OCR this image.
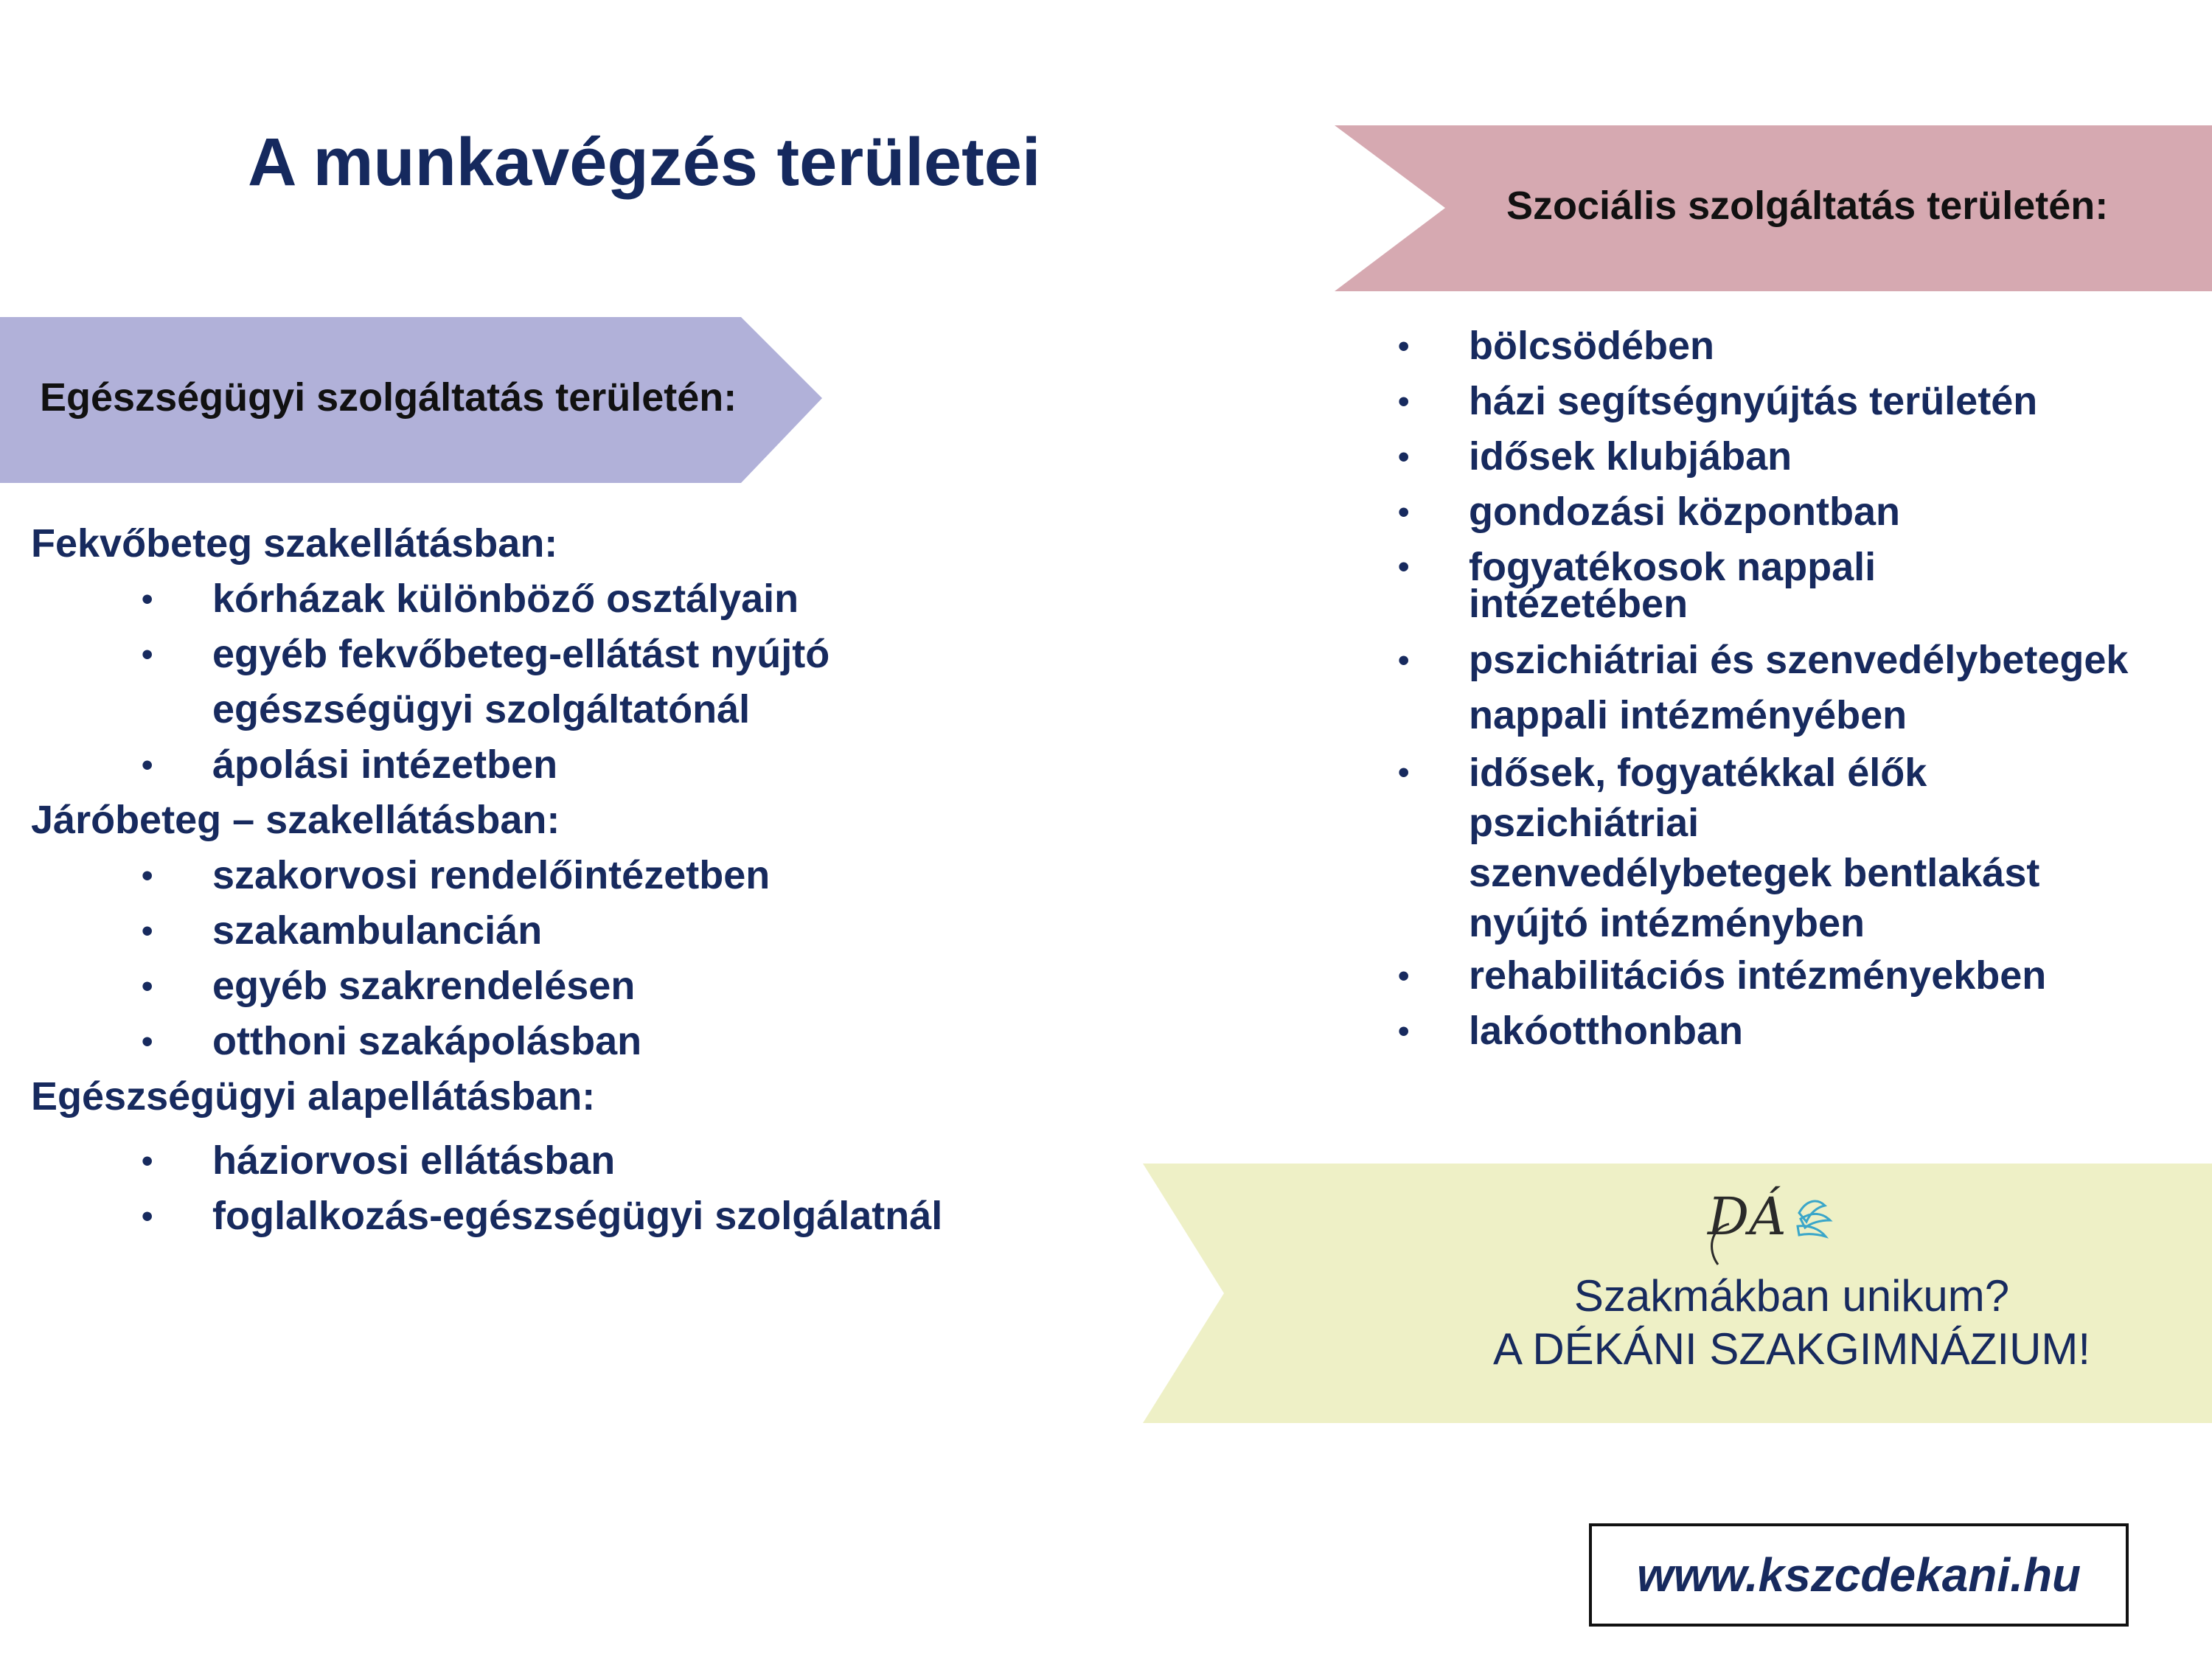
A munkavégzés területei
Egészségügyi szolgáltatás területén:
Szociális szolgáltatás területén:
Fekvőbeteg szakellátásban:
• kórházak különböző osztályain
• egyéb fekvőbeteg-ellátást nyújtó
egészségügyi szolgáltatónál
• ápolási intézetben
Járóbeteg – szakellátásban:
• szakorvosi rendelőintézetben
• szakambulancián
• egyéb szakrendelésen
• otthoni szakápolásban
Egészségügyi alapellátásban:
• háziorvosi ellátásban
• foglalkozás-egészségügyi szolgálatnál
• bölcsödében
• házi segítségnyújtás területén
• idősek klubjában
• gondozási központban
• fogyatékosok nappali
intézetében
• pszichiátriai és szenvedélybetegek
nappali intézményében
• idősek, fogyatékkal élők
pszichiátriai
szenvedélybetegek bentlakást
nyújtó intézményben
• rehabilitációs intézményekben
• lakóotthonban
DÁ
Szakmákban unikum?
A DÉKÁNI SZAKGIMNÁZIUM!
www.kszcdekani.hu
